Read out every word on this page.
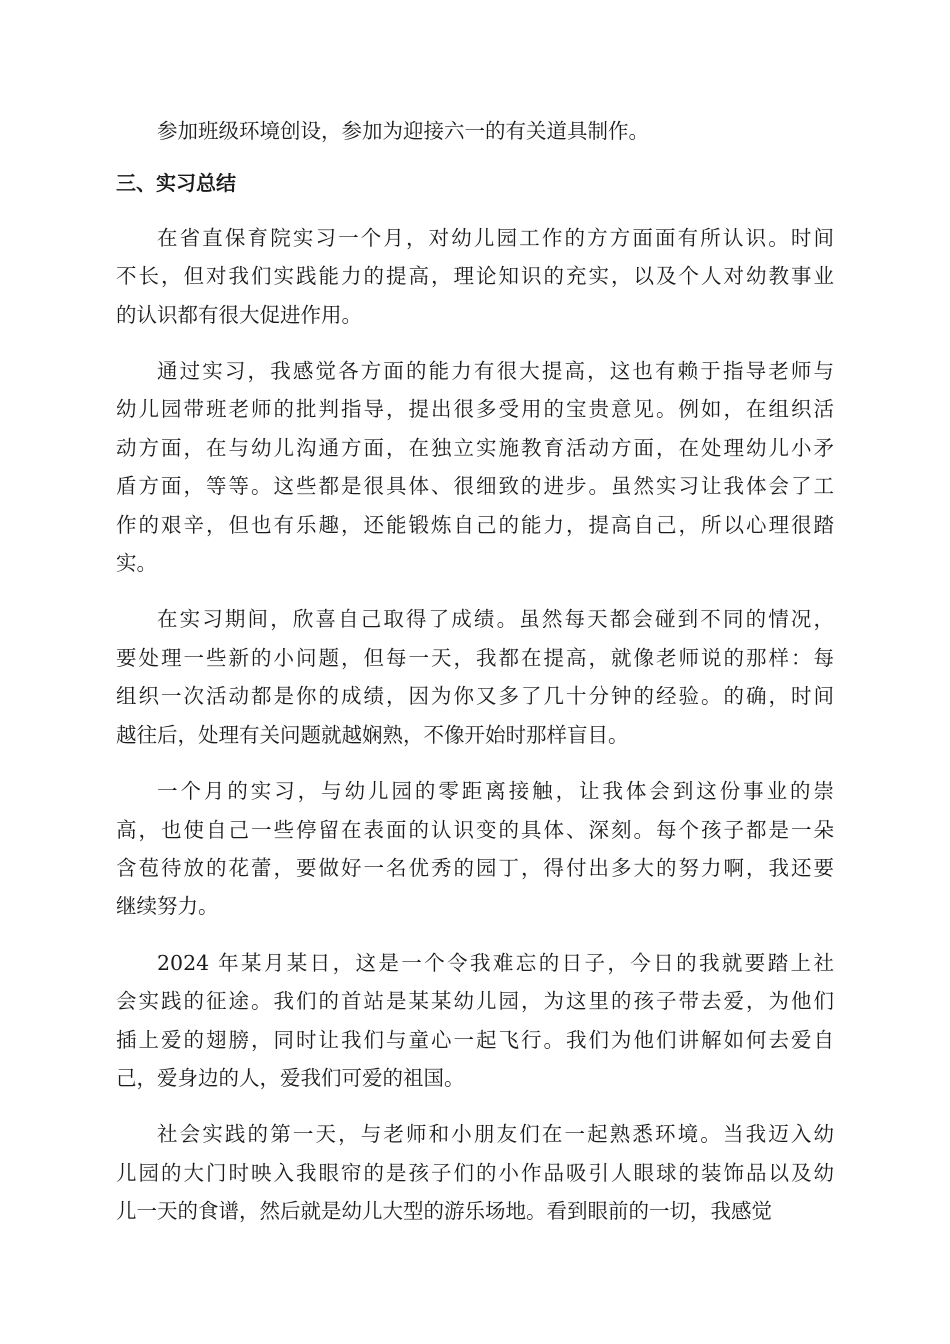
参加班级环境创设，参加为迎接六一的有关道具制作。

三、实习总结

在省直保育院实习一个月，对幼儿园工作的方方面面有所认识。时间
不长，但对我们实践能力的提高，理论知识的充实，以及个人对幼教事业
的认识都有很大促进作用。
通过实习，我感觉各方面的能力有很大提高，这也有赖于指导老师与
幼儿园带班老师的批判指导，提出很多受用的宝贵意见。例如，在组织活
动方面，在与幼儿沟通方面，在独立实施教育活动方面，在处理幼儿小矛
盾方面，等等。这些都是很具体、很细致的进步。虽然实习让我体会了工
作的艰辛，但也有乐趣，还能锻炼自己的能力，提高自己，所以心理很踏
实。
在实习期间，欣喜自己取得了成绩。虽然每天都会碰到不同的情况，
要处理一些新的小问题，但每一天，我都在提高，就像老师说的那样：每
组织一次活动都是你的成绩，因为你又多了几十分钟的经验。的确，时间
越往后，处理有关问题就越娴熟，不像开始时那样盲目。
一个月的实习，与幼儿园的零距离接触，让我体会到这份事业的崇
高，也使自己一些停留在表面的认识变的具体、深刻。每个孩子都是一朵
含苞待放的花蕾，要做好一名优秀的园丁，得付出多大的努力啊，我还要
继续努力。
2024 年某月某日，这是一个令我难忘的日子，今日的我就要踏上社
会实践的征途。我们的首站是某某幼儿园，为这里的孩子带去爱，为他们
插上爱的翅膀，同时让我们与童心一起飞行。我们为他们讲解如何去爱自
己，爱身边的人，爱我们可爱的祖国。
社会实践的第一天，与老师和小朋友们在一起熟悉环境。当我迈入幼
儿园的大门时映入我眼帘的是孩子们的小作品吸引人眼球的装饰品以及幼
儿一天的食谱，然后就是幼儿大型的游乐场地。看到眼前的一切，我感觉
